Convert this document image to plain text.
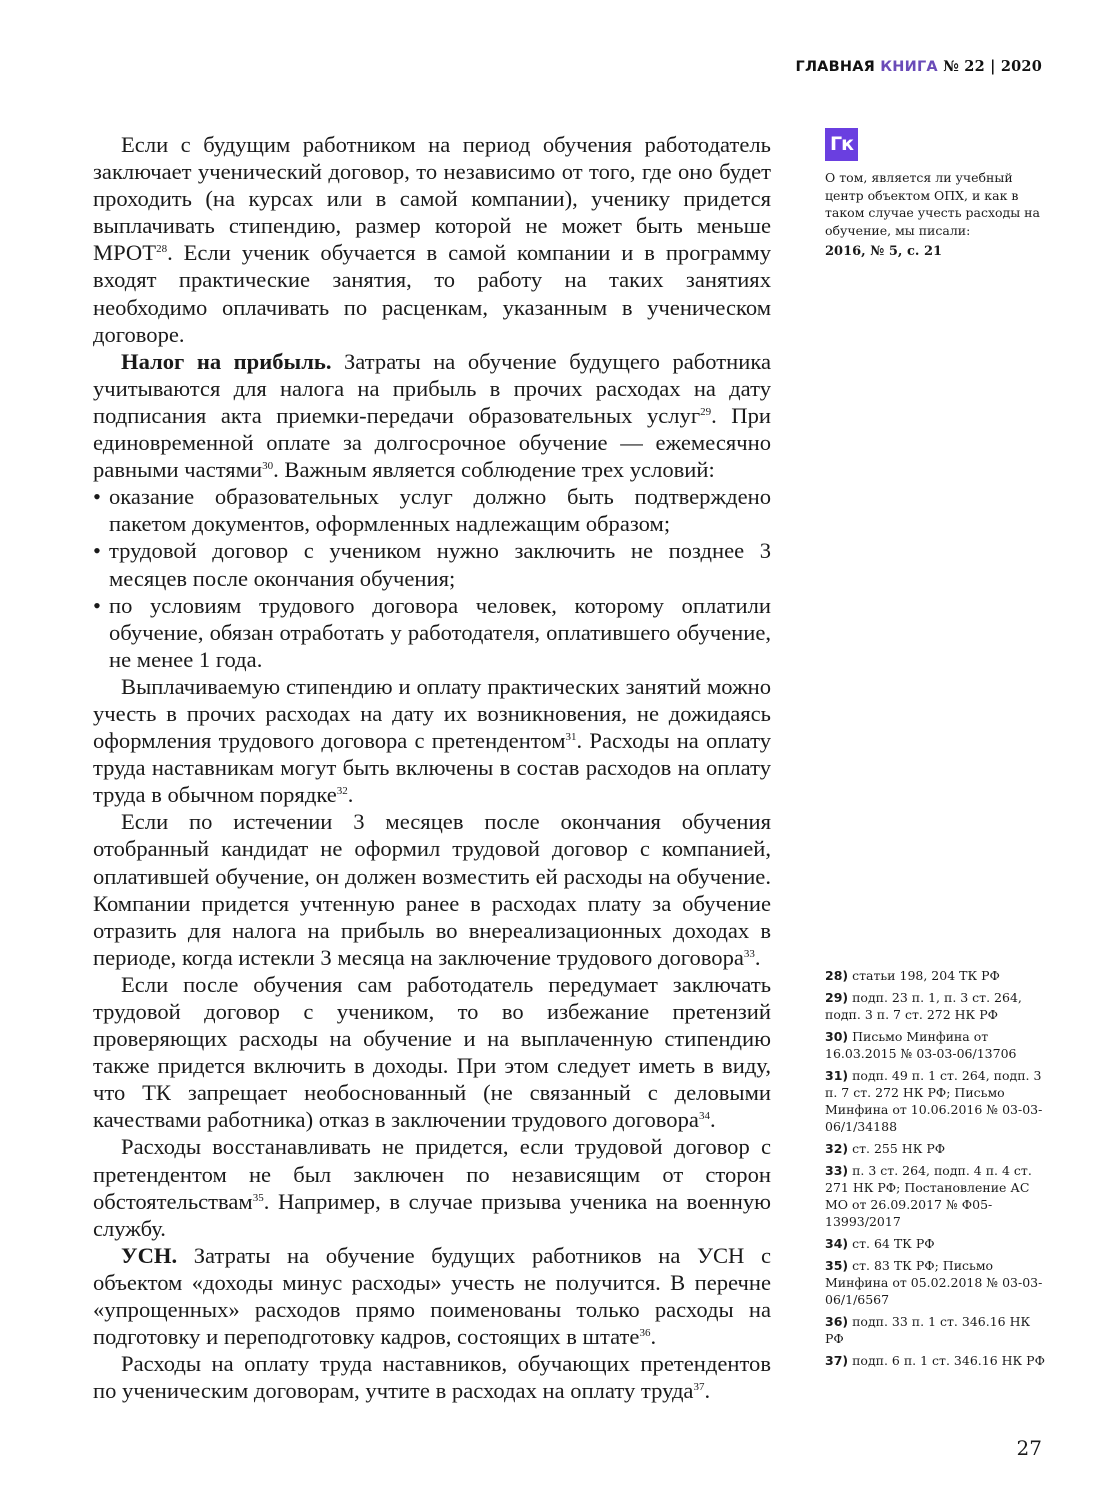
ГЛАВНАЯ КНИГА № 22 | 2020

Если с будущим работником на период обучения работодатель заключает ученический договор, то независимо от того, где оно будет проходить (на курсах или в самой компании), ученику придется выплачивать стипендию, размер которой не может быть меньше МРОТ$^{28}$. Если ученик обучается в самой компании и в программу входят практические занятия, то работу на таких занятиях необходимо оплачивать по расценкам, указанным в ученическом договоре.

Налог на прибыль. Затраты на обучение будущего работника учитываются для налога на прибыль в прочих расходах на дату подписания акта приемки-передачи образовательных услуг$^{29}$. При единовременной оплате за долгосрочное обучение — ежемесячно равными частями$^{30}$. Важным является соблюдение трех условий:

• оказание образовательных услуг должно быть подтверждено пакетом документов, оформленных надлежащим образом;
• трудовой договор с учеником нужно заключить не позднее 3 месяцев после окончания обучения;
• по условиям трудового договора человек, которому оплатили обучение, обязан отработать у работодателя, оплатившего обучение, не менее 1 года.

Выплачиваемую стипендию и оплату практических занятий можно учесть в прочих расходах на дату их возникновения, не дожидаясь оформления трудового договора с претендентом$^{31}$. Расходы на оплату труда наставникам могут быть включены в состав расходов на оплату труда в обычном порядке$^{32}$.

Если по истечении 3 месяцев после окончания обучения отобранный кандидат не оформил трудовой договор с компанией, оплатившей обучение, он должен возместить ей расходы на обучение. Компании придется учтенную ранее в расходах плату за обучение отразить для налога на прибыль во внереализационных доходах в периоде, когда истекли 3 месяца на заключение трудового договора$^{33}$.

Если после обучения сам работодатель передумает заключать трудовой договор с учеником, то во избежание претензий проверяющих расходы на обучение и на выплаченную стипендию также придется включить в доходы. При этом следует иметь в виду, что ТК запрещает необоснованный (не связанный с деловыми качествами работника) отказ в заключении трудового договора$^{34}$.

Расходы восстанавливать не придется, если трудовой договор с претендентом не был заключен по независящим от сторон обстоятельствам$^{35}$. Например, в случае призыва ученика на военную службу.

УСН. Затраты на обучение будущих работников на УСН с объектом «доходы минус расходы» учесть не получится. В перечне «упрощенных» расходов прямо поименованы только расходы на подготовку и переподготовку кадров, состоящих в штате$^{36}$.

Расходы на оплату труда наставников, обучающих претендентов по ученическим договорам, учтите в расходах на оплату труда$^{37}$.

Гк
О том, является ли учебный центр объектом ОПХ, и как в таком случае учесть расходы на обучение, мы писали:
2016, № 5, с. 21
28) статьи 198, 204 ТК РФ
29) подп. 23 п. 1, п. 3 ст. 264, подп. 3 п. 7 ст. 272 НК РФ
30) Письмо Минфина от 16.03.2015 № 03-03-06/13706
31) подп. 49 п. 1 ст. 264, подп. 3 п. 7 ст. 272 НК РФ; Письмо Минфина от 10.06.2016 № 03-03-06/1/34188
32) ст. 255 НК РФ
33) п. 3 ст. 264, подп. 4 п. 4 ст. 271 НК РФ; Постановление АС МО от 26.09.2017 № Ф05-13993/2017
34) ст. 64 ТК РФ
35) ст. 83 ТК РФ; Письмо Минфина от 05.02.2018 № 03-03-06/1/6567
36) подп. 33 п. 1 ст. 346.16 НК РФ
37) подп. 6 п. 1 ст. 346.16 НК РФ
27
